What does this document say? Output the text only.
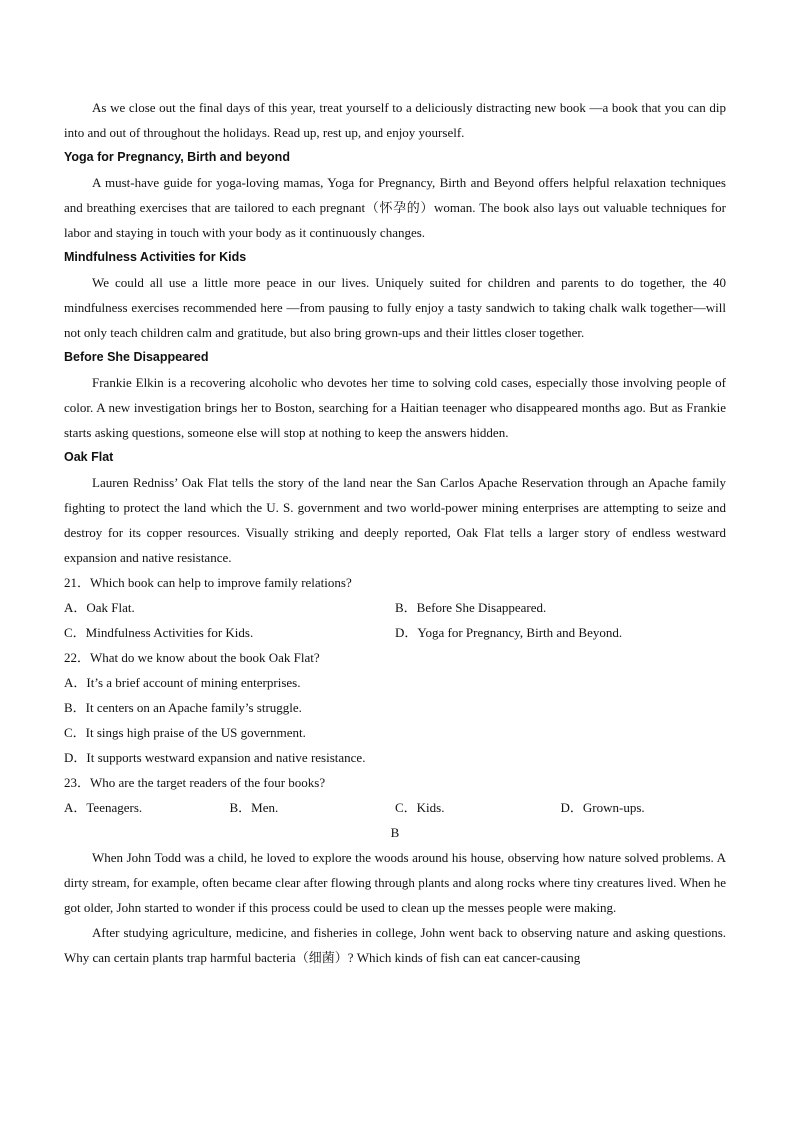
As we close out the final days of this year, treat yourself to a deliciously distracting new book —a book that you can dip into and out of throughout the holidays. Read up, rest up, and enjoy yourself.

Yoga for Pregnancy, Birth and beyond

A must-have guide for yoga-loving mamas, Yoga for Pregnancy, Birth and Beyond offers helpful relaxation techniques and breathing exercises that are tailored to each pregnant（怀孕的）woman. The book also lays out valuable techniques for labor and staying in touch with your body as it continuously changes.

Mindfulness Activities for Kids

We could all use a little more peace in our lives. Uniquely suited for children and parents to do together, the 40 mindfulness exercises recommended here —from pausing to fully enjoy a tasty sandwich to taking chalk walk together—will not only teach children calm and gratitude, but also bring grown-ups and their littles closer together.

Before She Disappeared

Frankie Elkin is a recovering alcoholic who devotes her time to solving cold cases, especially those involving people of color. A new investigation brings her to Boston, searching for a Haitian teenager who disappeared months ago. But as Frankie starts asking questions, someone else will stop at nothing to keep the answers hidden.

Oak Flat

Lauren Redniss’ Oak Flat tells the story of the land near the San Carlos Apache Reservation through an Apache family fighting to protect the land which the U. S. government and two world-power mining enterprises are attempting to seize and destroy for its copper resources. Visually striking and deeply reported, Oak Flat tells a larger story of endless westward expansion and native resistance.

21．Which book can help to improve family relations?

A．Oak Flat.	B．Before She Disappeared.

C．Mindfulness Activities for Kids.	D．Yoga for Pregnancy, Birth and Beyond.

22．What do we know about the book Oak Flat?

A．It’s a brief account of mining enterprises.

B．It centers on an Apache family’s struggle.

C．It sings high praise of the US government.

D．It supports westward expansion and native resistance.

23．Who are the target readers of the four books?

A．Teenagers.	B．Men.	C．Kids.	D．Grown-ups.

B

When John Todd was a child, he loved to explore the woods around his house, observing how nature solved problems. A dirty stream, for example, often became clear after flowing through plants and along rocks where tiny creatures lived. When he got older, John started to wonder if this process could be used to clean up the messes people were making.

After studying agriculture, medicine, and fisheries in college, John went back to observing nature and asking questions. Why can certain plants trap harmful bacteria（细菌）? Which kinds of fish can eat cancer-causing
